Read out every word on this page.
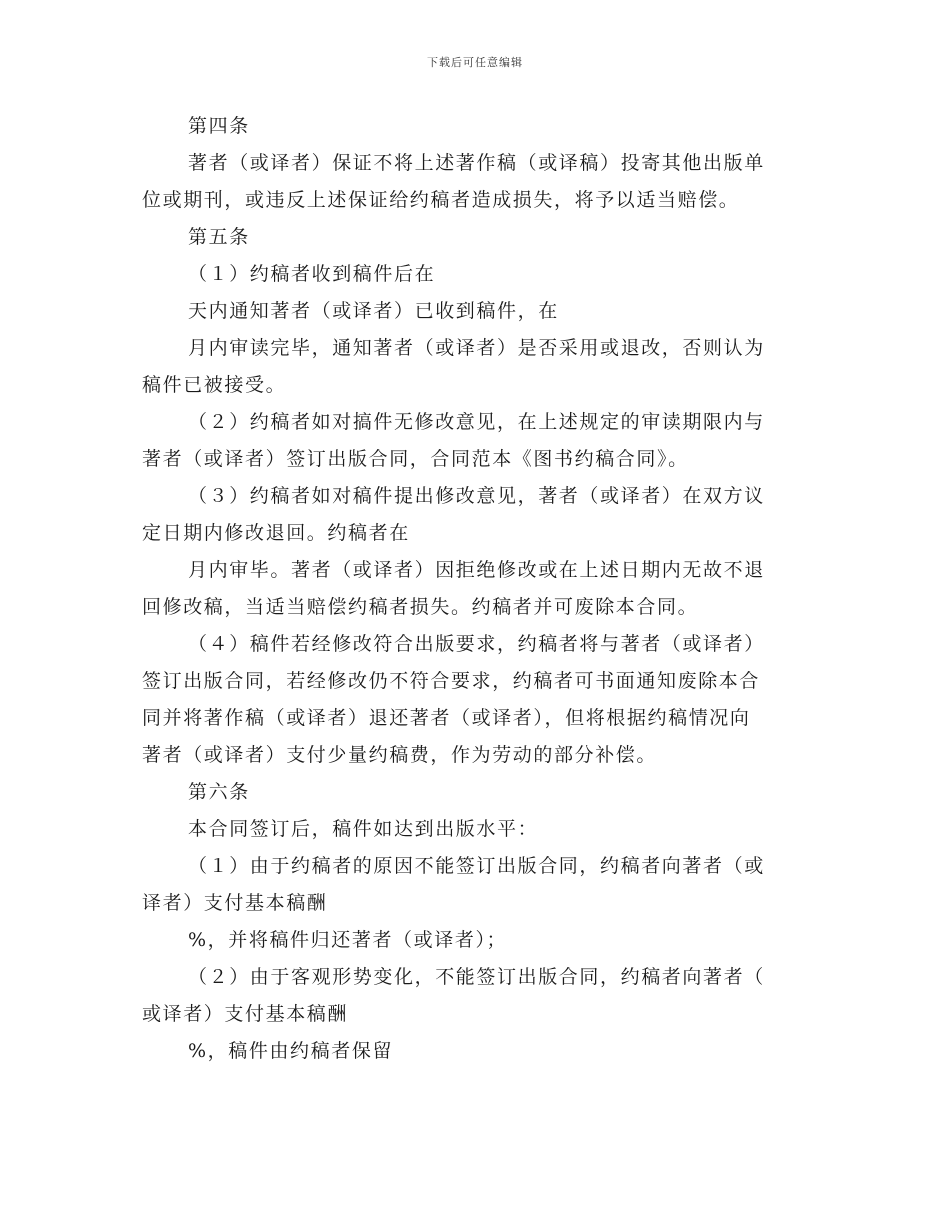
下载后可任意编辑
第四条
著者（或译者）保证不将上述著作稿（或译稿）投寄其他出版单
位或期刊，或违反上述保证给约稿者造成损失，将予以适当赔偿。
第五条
（１）约稿者收到稿件后在
天内通知著者（或译者）已收到稿件，在
月内审读完毕，通知著者（或译者）是否采用或退改，否则认为
稿件已被接受。
（２）约稿者如对搞件无修改意见，在上述规定的审读期限内与
著者（或译者）签订出版合同，合同范本《图书约稿合同》。
（３）约稿者如对稿件提出修改意见，著者（或译者）在双方议
定日期内修改退回。约稿者在
月内审毕。著者（或译者）因拒绝修改或在上述日期内无故不退
回修改稿，当适当赔偿约稿者损失。约稿者并可废除本合同。
（４）稿件若经修改符合出版要求，约稿者将与著者（或译者）
签订出版合同，若经修改仍不符合要求，约稿者可书面通知废除本合
同并将著作稿（或译者）退还著者（或译者），但将根据约稿情况向
著者（或译者）支付少量约稿费，作为劳动的部分补偿。
第六条
本合同签订后，稿件如达到出版水平：
（１）由于约稿者的原因不能签订出版合同，约稿者向著者（或
译者）支付基本稿酬
%，并将稿件归还著者（或译者）；
（２）由于客观形势变化，不能签订出版合同，约稿者向著者（
或译者）支付基本稿酬
%，稿件由约稿者保留
